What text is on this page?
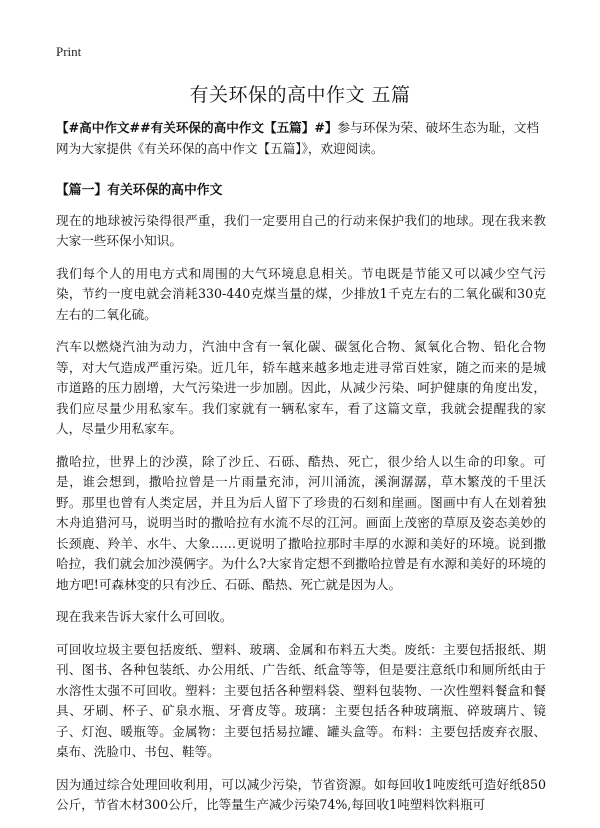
Print
有关环保的高中作文 五篇

【#高中作文##有关环保的高中作文【五篇】#】参与环保为荣、破坏生态为耻，文档网为大家提供《有关环保的高中作文【五篇】》，欢迎阅读。

【篇一】有关环保的高中作文

现在的地球被污染得很严重，我们一定要用自己的行动来保护我们的地球。现在我来教大家一些环保小知识。

我们每个人的用电方式和周围的大气环境息息相关。节电既是节能又可以减少空气污染，节约一度电就会消耗330-440克煤当量的煤，少排放1千克左右的二氧化碳和30克左右的二氧化硫。

汽车以燃烧汽油为动力，汽油中含有一氧化碳、碳氢化合物、氮氧化合物、铅化合物等，对大气造成严重污染。近几年，轿车越来越多地走进寻常百姓家，随之而来的是城市道路的压力剧增，大气污染进一步加剧。因此，从减少污染、呵护健康的角度出发，我们应尽量少用私家车。我们家就有一辆私家车，看了这篇文章，我就会提醒我的家人，尽量少用私家车。

撒哈拉，世界上的沙漠，除了沙丘、石砾、酷热、死亡，很少给人以生命的印象。可是，谁会想到，撒哈拉曾是一片雨量充沛，河川涌流，溪涧潺潺，草木繁茂的千里沃野。那里也曾有人类定居，并且为后人留下了珍贵的石刻和崖画。图画中有人在划着独木舟追猎河马，说明当时的撒哈拉有水流不尽的江河。画面上茂密的草原及姿态美妙的长颈鹿、羚羊、水牛、大象……更说明了撒哈拉那时丰厚的水源和美好的环境。说到撒哈拉，我们就会加沙漠俩字。为什么?大家肯定想不到撒哈拉曾是有水源和美好的环境的地方吧!可森林变的只有沙丘、石砾、酷热、死亡就是因为人。

现在我来告诉大家什么可回收。

可回收垃圾主要包括废纸、塑料、玻璃、金属和布料五大类。废纸：主要包括报纸、期刊、图书、各种包装纸、办公用纸、广告纸、纸盒等等，但是要注意纸巾和厕所纸由于水溶性太强不可回收。塑料：主要包括各种塑料袋、塑料包装物、一次性塑料餐盒和餐具、牙刷、杯子、矿泉水瓶、牙膏皮等。玻璃：主要包括各种玻璃瓶、碎玻璃片、镜子、灯泡、暖瓶等。金属物：主要包括易拉罐、罐头盒等。布料：主要包括废弃衣服、桌布、洗脸巾、书包、鞋等。

因为通过综合处理回收利用，可以减少污染，节省资源。如每回收1吨废纸可造好纸850公斤，节省木材300公斤，比等量生产减少污染74%,每回收1吨塑料饮料瓶可
